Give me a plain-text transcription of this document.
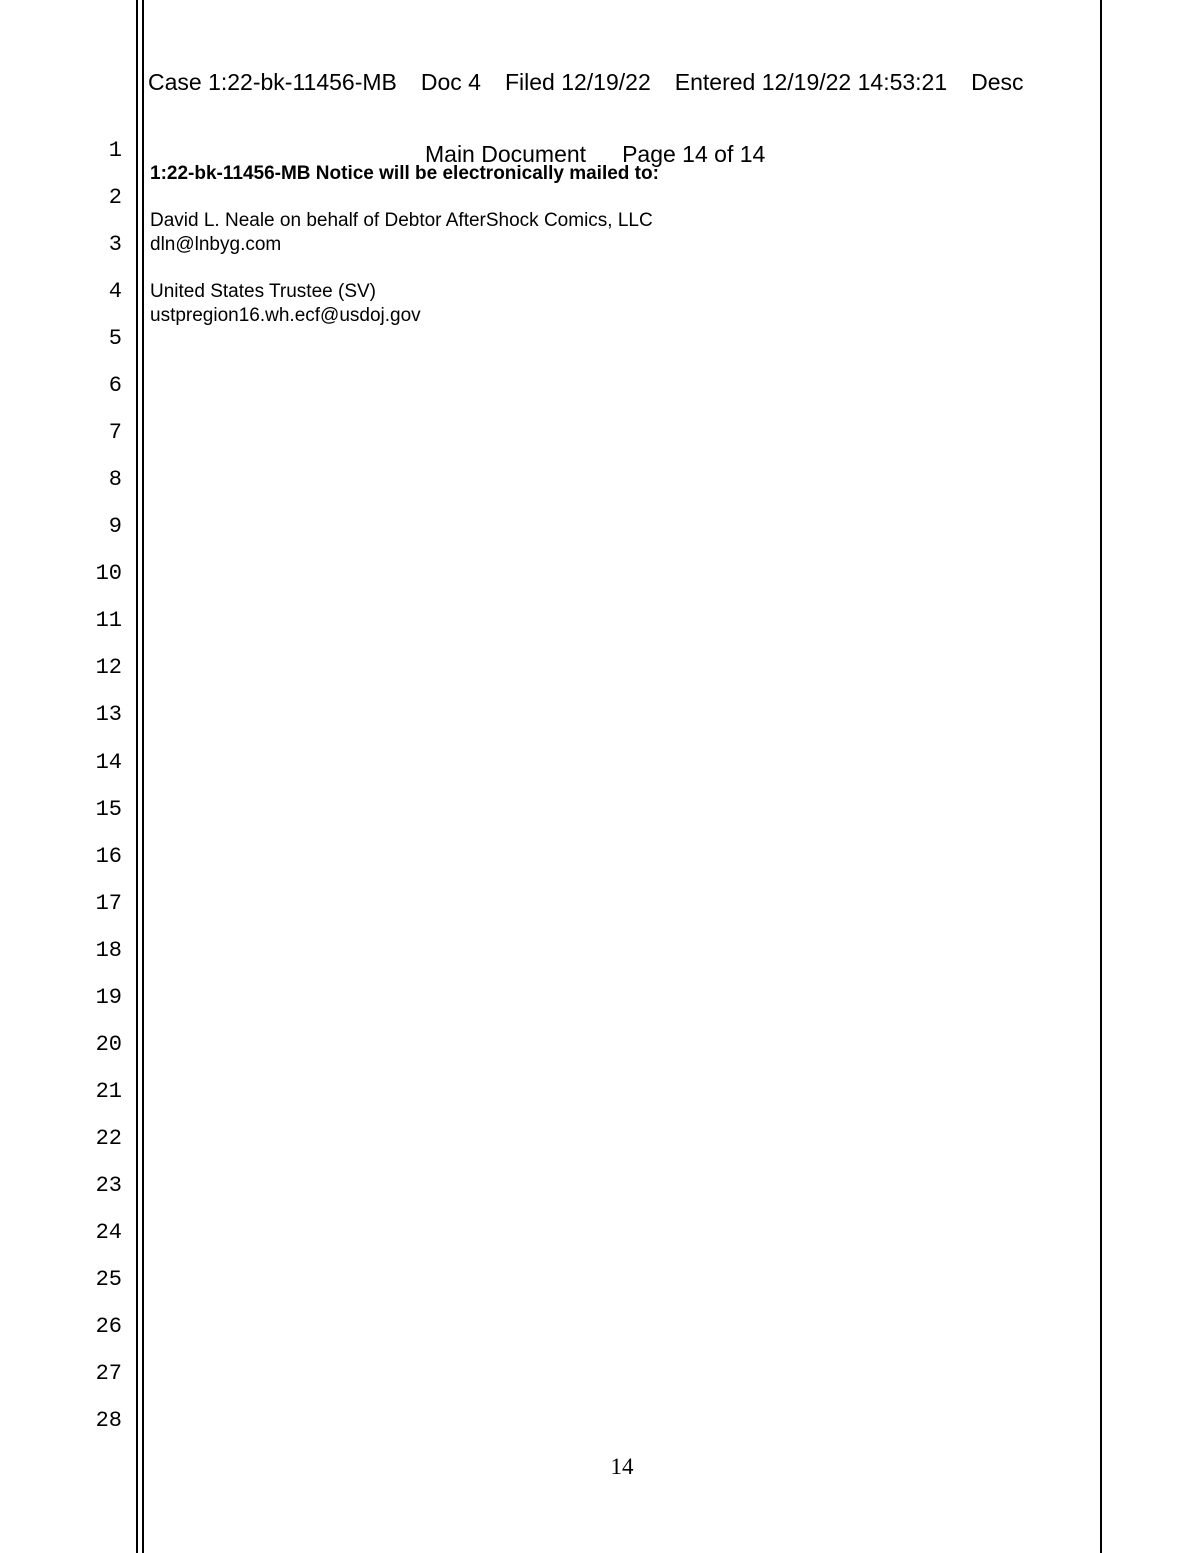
Case 1:22-bk-11456-MB Doc 4 Filed 12/19/22 Entered 12/19/22 14:53:21 Desc

Main Document Page 14 of 14

1
2
3
4
5
6
7
8
9
10
11
12
13
14
15
16
17
18
19
20
21
22
23
24
25
26
27
28
1:22-bk-11456-MB Notice will be electronically mailed to:
David L. Neale on behalf of Debtor AfterShock Comics, LLC
dln@lnbyg.com
United States Trustee (SV)
ustpregion16.wh.ecf@usdoj.gov
14
